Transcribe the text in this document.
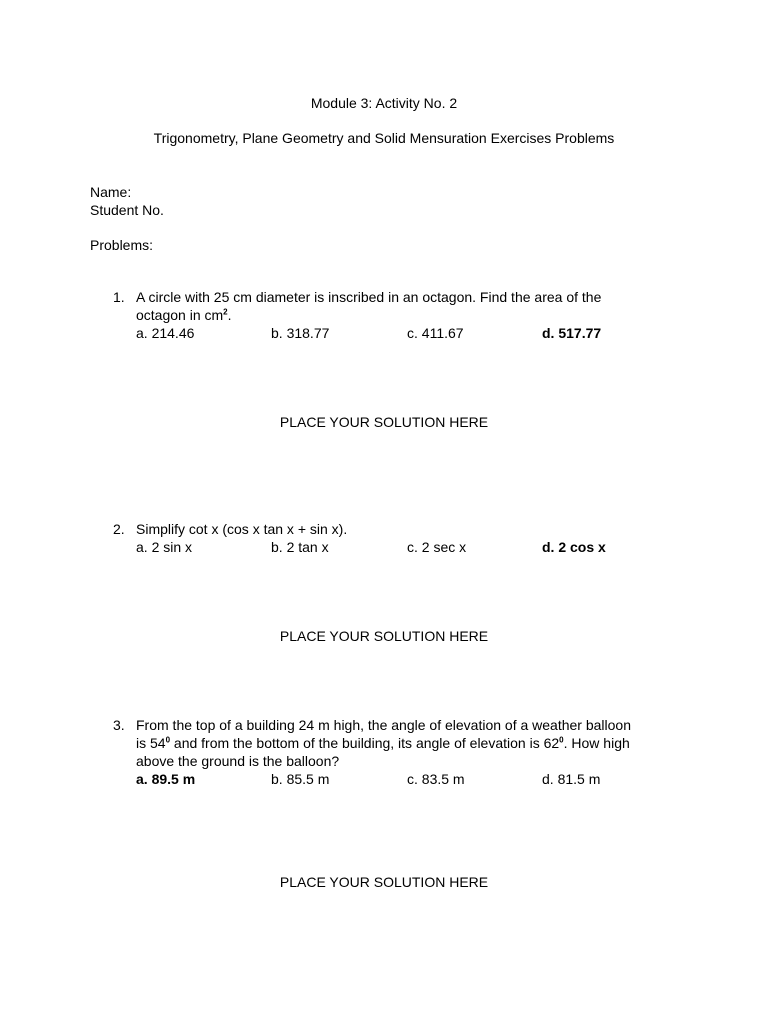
Module 3: Activity No. 2
Trigonometry, Plane Geometry and Solid Mensuration Exercises Problems
Name:
Student No.
Problems:
1. A circle with 25 cm diameter is inscribed in an octagon. Find the area of the
octagon in $cm^2$.
a. 214.46	b. 318.77	c. 411.67	d. 517.77
PLACE YOUR SOLUTION HERE
2. Simplify cot x (cos x tan x + sin x).
a. 2 sin x	b. 2 tan x	c. 2 sec x	d. 2 cos x
PLACE YOUR SOLUTION HERE
3. From the top of a building 24 m high, the angle of elevation of a weather balloon
is $54^0$ and from the bottom of the building, its angle of elevation is $62^0$. How high
above the ground is the balloon?
a. 89.5 m	b. 85.5 m	c. 83.5 m	d. 81.5 m
PLACE YOUR SOLUTION HERE
